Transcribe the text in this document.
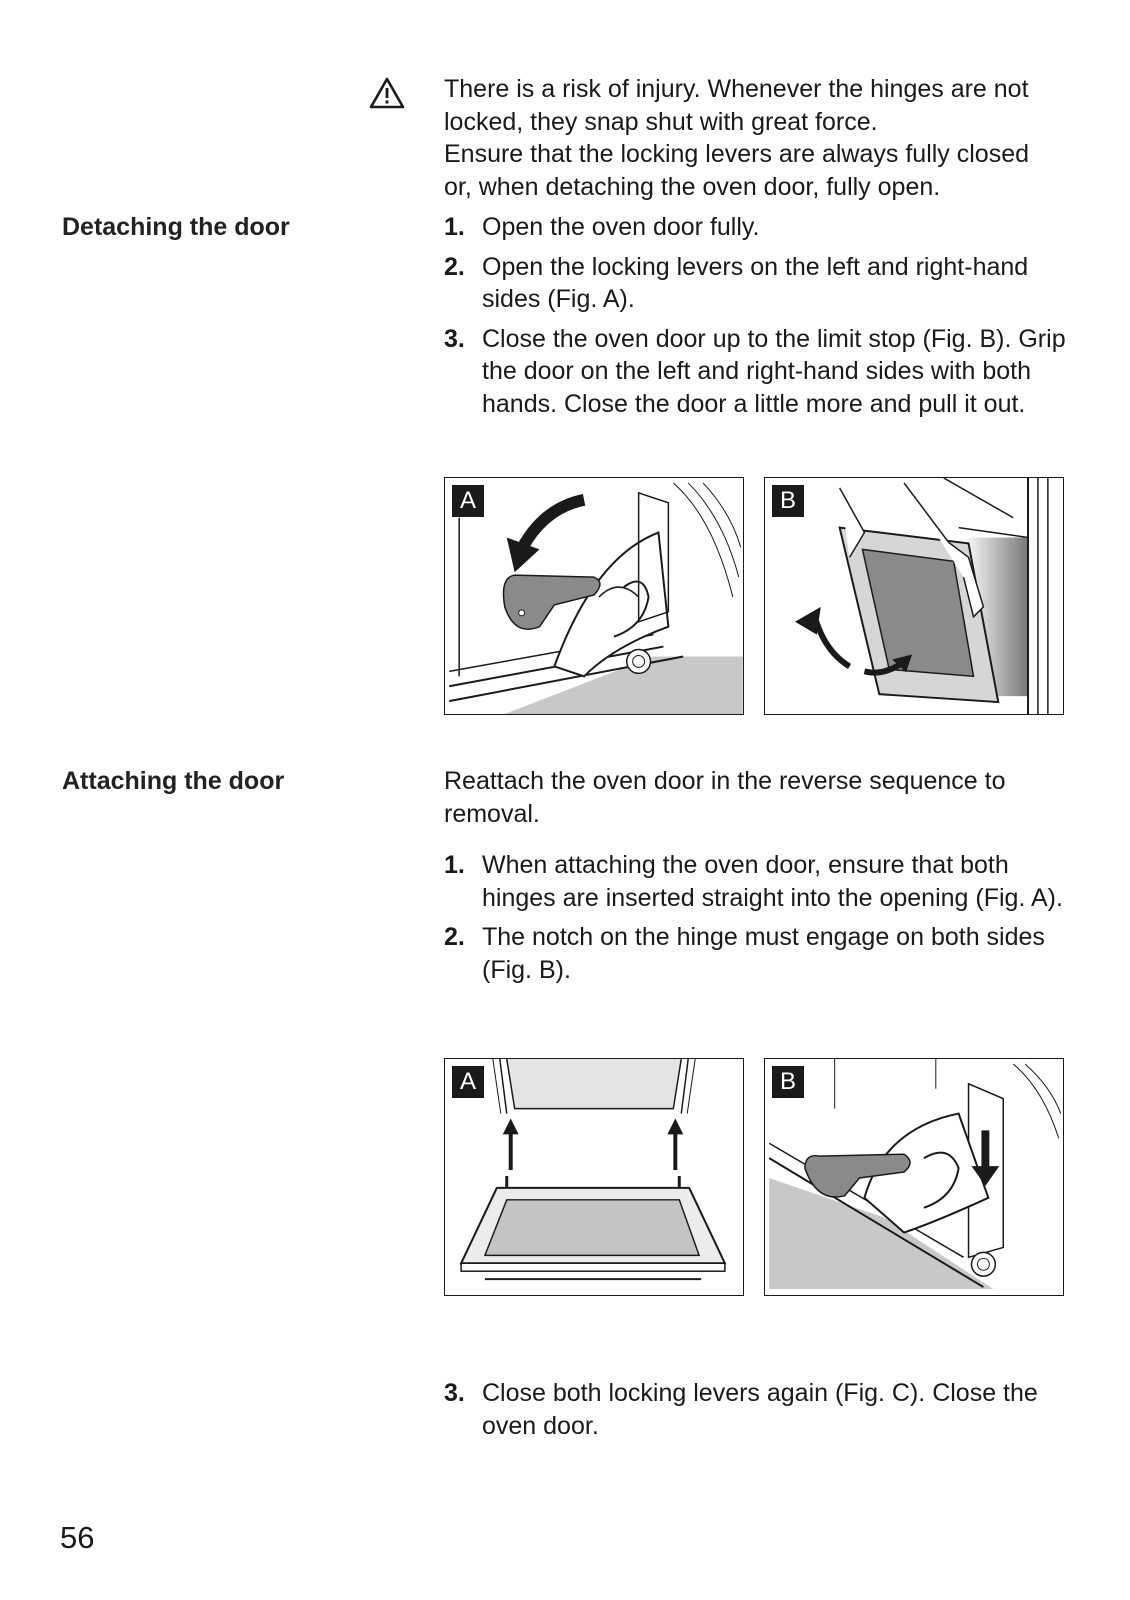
There is a risk of injury. Whenever the hinges are not
locked, they snap shut with great force.
Ensure that the locking levers are always fully closed
or, when detaching the oven door, fully open.
Detaching the door	1. Open the oven door fully.
2. Open the locking levers on the left and right-hand sides (Fig. A).
3. Close the oven door up to the limit stop (Fig. B). Grip the door on the left and right-hand sides with both hands. Close the door a little more and pull it out.
A	B
Attaching the door	Reattach the oven door in the reverse sequence to removal.
1. When attaching the oven door, ensure that both hinges are inserted straight into the opening (Fig. A).
2. The notch on the hinge must engage on both sides (Fig. B).
A	B
3. Close both locking levers again (Fig. C). Close the oven door.
56
